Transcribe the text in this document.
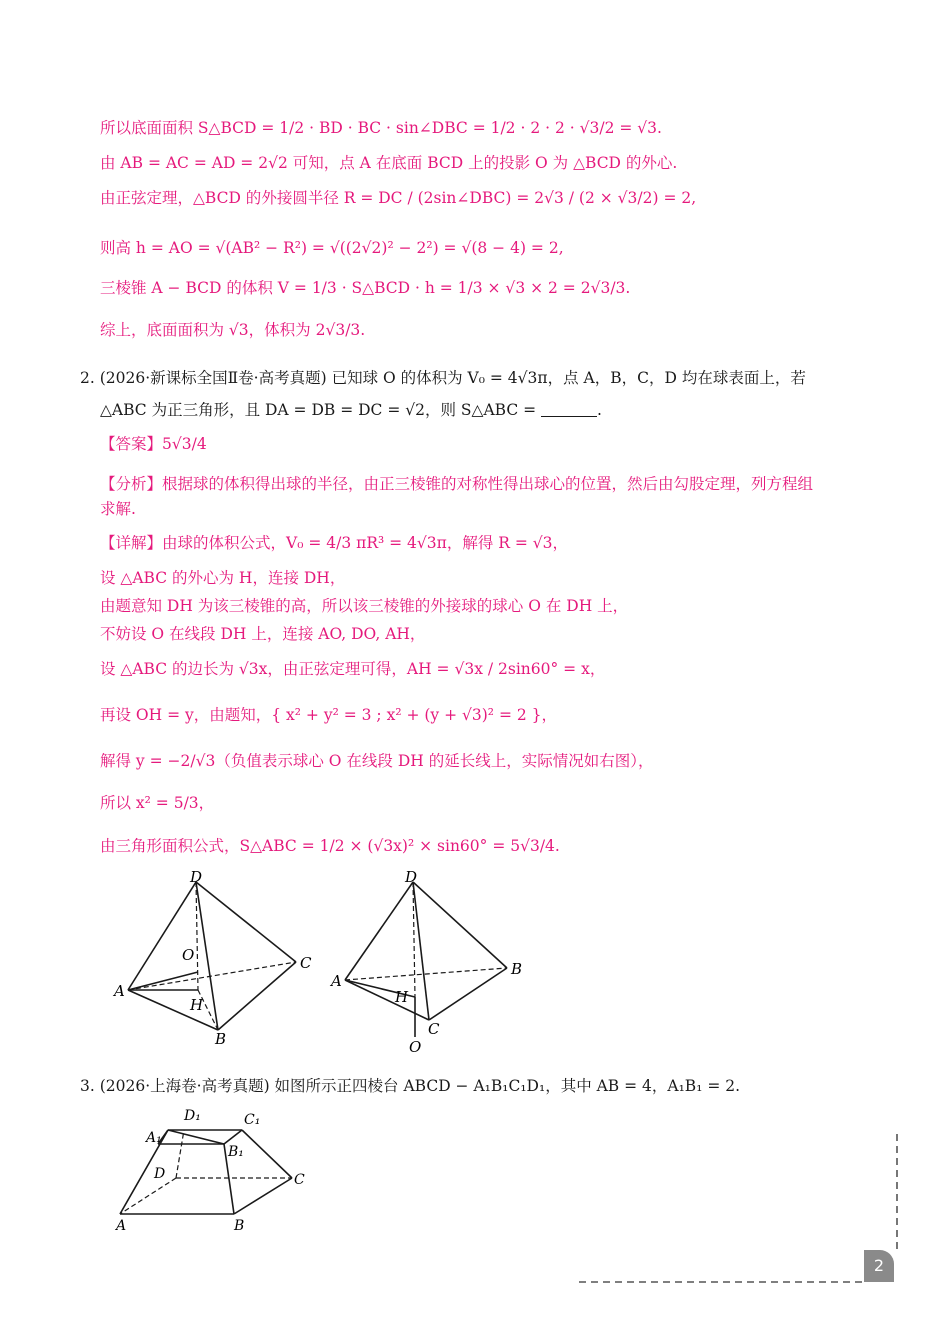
所以底面面积 S△BCD = 1/2 · BD · BC · sin∠DBC = 1/2 · 2 · 2 · √3/2 = √3.
由 AB = AC = AD = 2√2 可知，点 A 在底面 BCD 上的投影 O 为 △BCD 的外心.
由正弦定理，△BCD 的外接圆半径 R = DC / (2sin∠DBC) = 2√3 / (2 × √3/2) = 2,
则高 h = AO = √(AB² − R²) = √((2√2)² − 2²) = √(8 − 4) = 2,
三棱锥 A − BCD 的体积 V = 1/3 · S△BCD · h = 1/3 × √3 × 2 = 2√3/3.
综上，底面面积为 √3，体积为 2√3/3.
2. (2026·新课标全国Ⅱ卷·高考真题) 已知球 O 的体积为 V₀ = 4√3π，点 A，B，C，D 均在球表面上，若
△ABC 为正三角形，且 DA = DB = DC = √2，则 S△ABC =	.
【答案】5√3/4
【分析】根据球的体积得出球的半径，由正三棱锥的对称性得出球心的位置，然后由勾股定理，列方程组
求解.
【详解】由球的体积公式，V₀ = 4/3 πR³ = 4√3π，解得 R = √3，
设 △ABC 的外心为 H，连接 DH，
由题意知 DH 为该三棱锥的高，所以该三棱锥的外接球的球心 O 在 DH 上，
不妨设 O 在线段 DH 上，连接 AO, DO, AH，
设 △ABC 的边长为 √3x，由正弦定理可得，AH = √3x / 2sin60° = x，
再设 OH = y，由题知，{ x² + y² = 3 ; x² + (y + √3)² = 2 }，
解得 y = −2/√3（负值表示球心 O 在线段 DH 的延长线上，实际情况如右图），
所以 x² = 5/3，
由三角形面积公式，S△ABC = 1/2 × (√3x)² × sin60° = 5√3/4.
D
O	C
A
H
B
D
B
A
H
C
O
3. (2026·上海卷·高考真题) 如图所示正四棱台 ABCD − A₁B₁C₁D₁，其中 AB = 4，A₁B₁ = 2.
D₁	C₁
A₁
B₁
D	C
A	B
2
